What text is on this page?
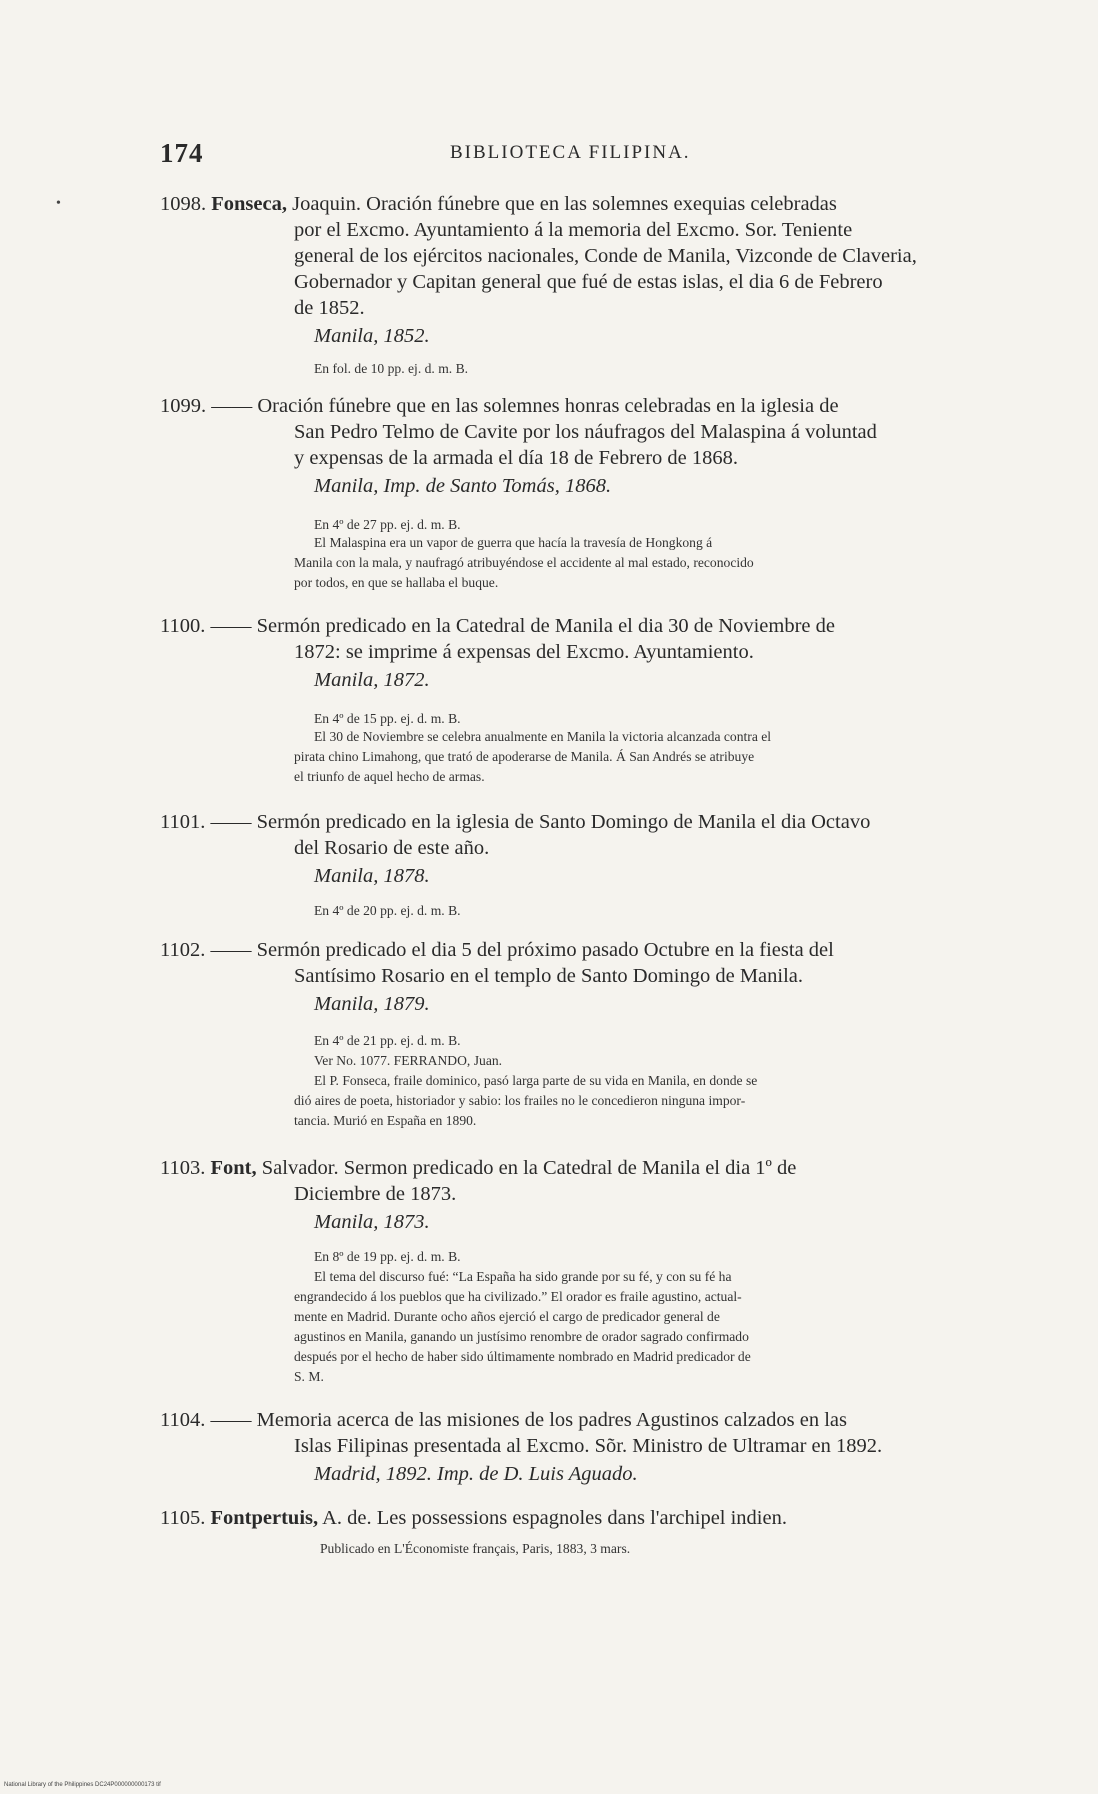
174	BIBLIOTECA FILIPINA.
•	1098. Fonseca, Joaquin. Oración fúnebre que en las solemnes exequias celebradas
por el Excmo. Ayuntamiento á la memoria del Excmo. Sor. Teniente
general de los ejércitos nacionales, Conde de Manila, Vizconde de Claveria,
Gobernador y Capitan general que fué de estas islas, el dia 6 de Febrero
de 1852.
Manila, 1852.
En fol. de 10 pp. ej. d. m. B.
1099. —— Oración fúnebre que en las solemnes honras celebradas en la iglesia de
San Pedro Telmo de Cavite por los náufragos del Malaspina á voluntad
y expensas de la armada el día 18 de Febrero de 1868.
Manila, Imp. de Santo Tomás, 1868.
En 4º de 27 pp. ej. d. m. B.
El Malaspina era un vapor de guerra que hacía la travesía de Hongkong á
Manila con la mala, y naufragó atribuyéndose el accidente al mal estado, reconocido
por todos, en que se hallaba el buque.
1100. —— Sermón predicado en la Catedral de Manila el dia 30 de Noviembre de
1872: se imprime á expensas del Excmo. Ayuntamiento.
Manila, 1872.
En 4º de 15 pp. ej. d. m. B.
El 30 de Noviembre se celebra anualmente en Manila la victoria alcanzada contra el
pirata chino Limahong, que trató de apoderarse de Manila. Á San Andrés se atribuye
el triunfo de aquel hecho de armas.
1101. —— Sermón predicado en la iglesia de Santo Domingo de Manila el dia Octavo
del Rosario de este año.
Manila, 1878.
En 4º de 20 pp. ej. d. m. B.
1102. —— Sermón predicado el dia 5 del próximo pasado Octubre en la fiesta del
Santísimo Rosario en el templo de Santo Domingo de Manila.
Manila, 1879.
En 4º de 21 pp. ej. d. m. B.
Ver No. 1077. FERRANDO, Juan.
El P. Fonseca, fraile dominico, pasó larga parte de su vida en Manila, en donde se
dió aires de poeta, historiador y sabio: los frailes no le concedieron ninguna impor-
tancia. Murió en España en 1890.
1103. Font, Salvador. Sermon predicado en la Catedral de Manila el dia 1º de
Diciembre de 1873.
Manila, 1873.
En 8º de 19 pp. ej. d. m. B.
El tema del discurso fué: “La España ha sido grande por su fé, y con su fé ha
engrandecido á los pueblos que ha civilizado.” El orador es fraile agustino, actual-
mente en Madrid. Durante ocho años ejerció el cargo de predicador general de
agustinos en Manila, ganando un justísimo renombre de orador sagrado confirmado
después por el hecho de haber sido últimamente nombrado en Madrid predicador de
S. M.
1104. —— Memoria acerca de las misiones de los padres Agustinos calzados en las
Islas Filipinas presentada al Excmo. Sõr. Ministro de Ultramar en 1892.
Madrid, 1892. Imp. de D. Luis Aguado.
1105. Fontpertuis, A. de. Les possessions espagnoles dans l'archipel indien.
Publicado en L'Économiste français, Paris, 1883, 3 mars.
National Library of the Philippines DC24P000000000173 tif
